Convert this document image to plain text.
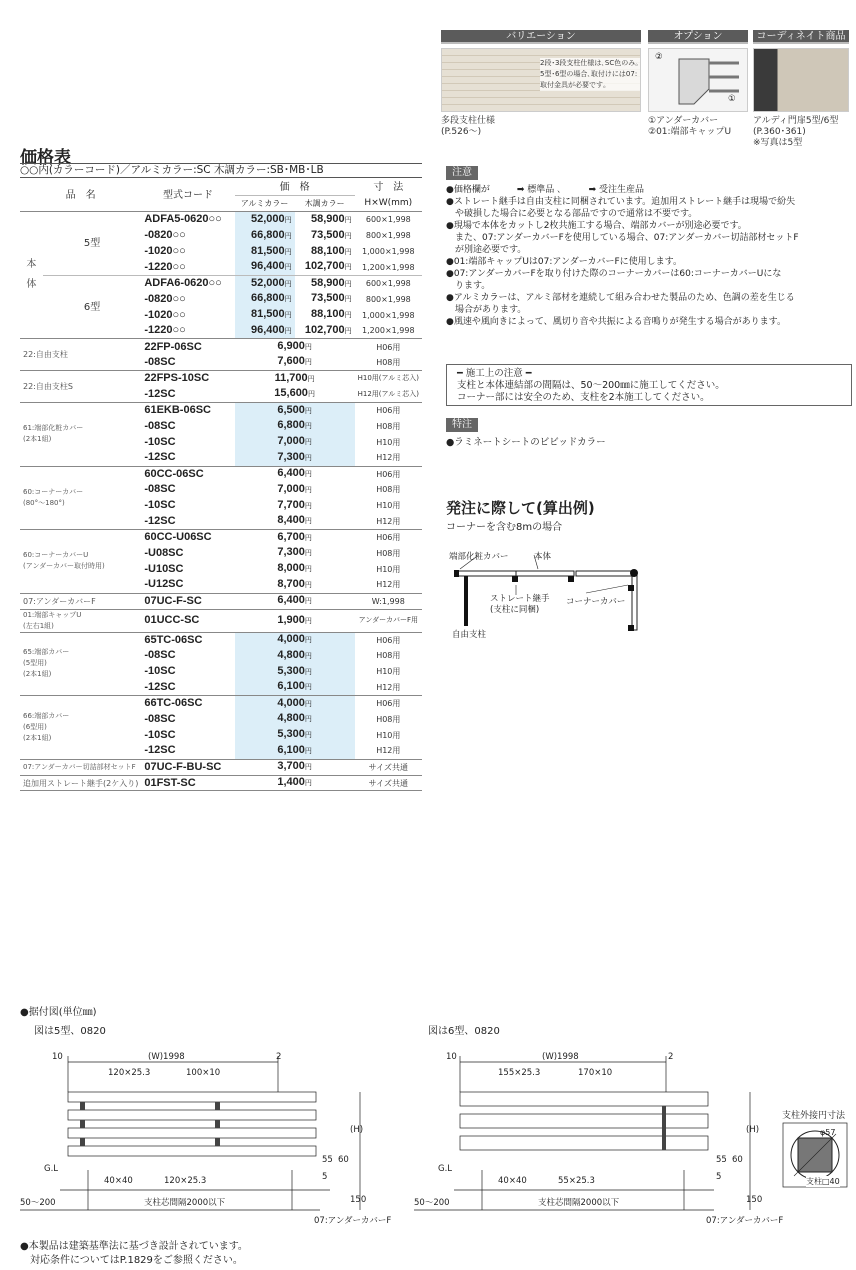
バリエーション
2段･3段支柱仕様は､SC色のみ｡
5型･6型の場合､取付けには07:
取付金具が必要です｡
多段支柱仕様
(P.526〜)
オプション
②
①
①アンダーカバー
②01:端部キャップU
コーディネイト商品
アルディ門扉5型/6型
(P.360･361)
※写真は5型
価格表
○○内(カラーコード)／アルミカラー:SC 木調カラー:SB･MB･LB
品　名		型式コード	価　格		寸　法
			アルミカラー	木調カラー	H×W(mm)

本
体	5型	ADFA5-0620○○	52,000円	58,900円	600×1,998
		-0820○○	66,800円	73,500円	800×1,998
		-1020○○	81,500円	88,100円	1,000×1,998
		-1220○○	96,400円	102,700円	1,200×1,998
	6型	ADFA6-0620○○	52,000円	58,900円	600×1,998
		-0820○○	66,800円	73,500円	800×1,998
		-1020○○	81,500円	88,100円	1,000×1,998
		-1220○○	96,400円	102,700円	1,200×1,998
22:自由支柱		22FP-06SC	6,900円		H06用
		-08SC	7,600円		H08用
22:自由支柱S		22FPS-10SC	11,700円		H10用(アルミ芯入)
		-12SC	15,600円		H12用(アルミ芯入)
61:端部化粧カバー
(2本1組)		61EKB-06SC	6,500円		H06用
		-08SC	6,800円		H08用
		-10SC	7,000円		H10用
		-12SC	7,300円		H12用
60:コーナーカバー
(80°〜180°)		60CC-06SC	6,400円		H06用
		-08SC	7,000円		H08用
		-10SC	7,700円		H10用
		-12SC	8,400円		H12用
60:コーナーカバーU
(アンダーカバー取付時用)		60CC-U06SC	6,700円		H06用
		-U08SC	7,300円		H08用
		-U10SC	8,000円		H10用
		-U12SC	8,700円		H12用
07:アンダーカバーF		07UC-F-SC	6,400円		W:1,998
01:端部キャップU
(左右1組)		01UCC-SC	1,900円		アンダーカバーF用
65:端部カバー
(5型用)
(2本1組)		65TC-06SC	4,000円		H06用
		-08SC	4,800円		H08用
		-10SC	5,300円		H10用
		-12SC	6,100円		H12用
66:端部カバー
(6型用)
(2本1組)		66TC-06SC	4,000円		H06用
		-08SC	4,800円		H08用
		-10SC	5,300円		H10用
		-12SC	6,100円		H12用
07:アンダーカバー切詰部材セットF		07UC-F-BU-SC	3,700円		サイズ共通
追加用ストレート継手(2ケ入り)		01FST-SC	1,400円		サイズ共通

注意
●価格欄が　　　➡ 標準品 ､　　　➡ 受注生産品
●ストレート継手は自由支柱に同梱されています。追加用ストレート継手は現場で紛失
　や破損した場合に必要となる部品ですので通常は不要です。
●現場で本体をカットし2枚共施工する場合、端部カバーが別途必要です。
　また、07:アンダーカバーFを使用している場合、07:アンダーカバー切詰部材セットF
　が別途必要です。
●01:端部キャップUは07:アンダーカバーFに使用します。
●07:アンダーカバーFを取り付けた際のコーナーカバーは60:コーナーカバーUにな
　ります。
●アルミカラーは、アルミ部材を連続して組み合わせた製品のため、色調の差を生じる
　場合があります。
●風速や風向きによって、風切り音や共振による音鳴りが発生する場合があります。
━ 施工上の注意 ━
支柱と本体連結部の間隔は、50〜200㎜に施工してください。
コーナー部には安全のため、支柱を2本施工してください。
特注
●ラミネートシートのビビッドカラー
発注に際して(算出例)
コーナーを含む8mの場合
端部化粧カバー	本体
ストレート継手
(支柱に同梱)
コーナーカバー
自由支柱
●据付図(単位㎜)
図は5型、0820	図は6型、0820
10	(W)1998	2
120×25.3	100×10
(H)
G.L
40×40	120×25.3	5
55 60
150
50〜200	支柱芯間隔2000以下
07:アンダーカバーF
10	(W)1998	2
155×25.3	170×10
(H)
G.L
40×40	55×25.3	5
55 60
150
50〜200	支柱芯間隔2000以下
07:アンダーカバーF
支柱外接円寸法
φ57
支柱□40
●本製品は建築基準法に基づき設計されています。
　対応条件についてはP.1829をご参照ください。
